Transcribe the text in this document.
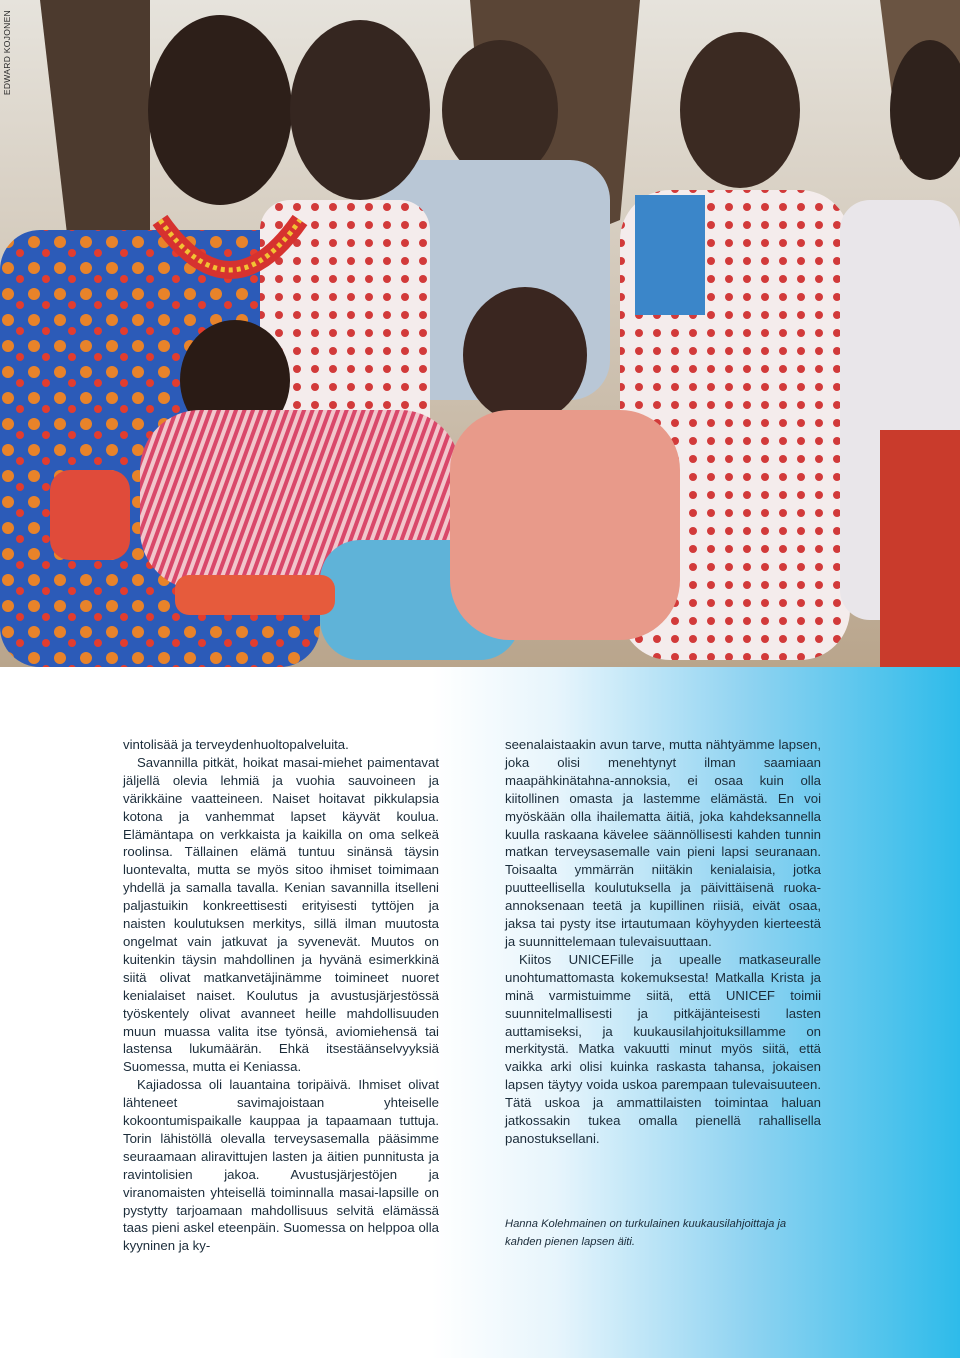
EDWARD KOJONEN

vintolisää ja terveydenhuoltopalveluita.

Savannilla pitkät, hoikat masai-miehet paimentavat jäljellä olevia lehmiä ja vuohia sauvoineen ja värikkäine vaatteineen. Naiset hoitavat pikkulapsia kotona ja vanhemmat lapset käyvät koulua. Elämäntapa on verkkaista ja kaikilla on oma selkeä roolinsa. Tällainen elämä tuntuu sinänsä täysin luontevalta, mutta se myös sitoo ihmiset toimimaan yhdellä ja samalla tavalla. Kenian savannilla itselleni paljastuikin konkreettisesti erityisesti tyttöjen ja naisten koulutuksen merkitys, sillä ilman muutosta ongelmat vain jatkuvat ja syvenevät. Muutos on kuitenkin täysin mahdollinen ja hyvänä esimerkkinä siitä olivat matkanvetäjinämme toimineet nuoret kenialaiset naiset. Koulutus ja avustusjärjestössä työskentely olivat avanneet heille mahdollisuuden muun muassa valita itse työnsä, aviomiehensä tai lastensa lukumäärän. Ehkä itsestäänselvyyksiä Suomessa, mutta ei Keniassa.

Kajiadossa oli lauantaina toripäivä. Ihmiset olivat lähteneet savimajoistaan yhteiselle kokoontumispaikalle kauppaa ja tapaamaan tuttuja. Torin lähistöllä olevalla terveysasemalla pääsimme seuraamaan aliravittujen lasten ja äitien punnitusta ja ravintolisien jakoa. Avustusjärjestöjen ja viranomaisten yhteisellä toiminnalla masai-lapsille on pystytty tarjoamaan mahdollisuus selvitä elämässä taas pieni askel eteenpäin. Suomessa on helppoa olla kyyninen ja ky-

seenalaistaakin avun tarve, mutta nähtyämme lapsen, joka olisi menehtynyt ilman saamiaan maapähkinätahna-annoksia, ei osaa kuin olla kiitollinen omasta ja lastemme elämästä. En voi myöskään olla ihailematta äitiä, joka kahdeksannella kuulla raskaana kävelee säännöllisesti kahden tunnin matkan terveysasemalle vain pieni lapsi seuranaan. Toisaalta ymmärrän niitäkin kenialaisia, jotka puutteellisella koulutuksella ja päivittäisenä ruoka-annoksenaan teetä ja kupillinen riisiä, eivät osaa, jaksa tai pysty itse irtautumaan köyhyyden kierteestä ja suunnittelemaan tulevaisuuttaan.

Kiitos UNICEFille ja upealle matkaseuralle unohtumattomasta kokemuksesta! Matkalla Krista ja minä varmistuimme siitä, että UNICEF toimii suunnitelmallisesti ja pitkäjänteisesti lasten auttamiseksi, ja kuukausilahjoituksillamme on merkitystä. Matka vakuutti minut myös siitä, että vaikka arki olisi kuinka raskasta tahansa, jokaisen lapsen täytyy voida uskoa parempaan tulevaisuuteen. Tätä uskoa ja ammattilaisten toimintaa haluan jatkossakin tukea omalla pienellä rahallisella panostuksellani.

Hanna Kolehmainen on turkulainen kuukausilahjoittaja ja kahden pienen lapsen äiti.
